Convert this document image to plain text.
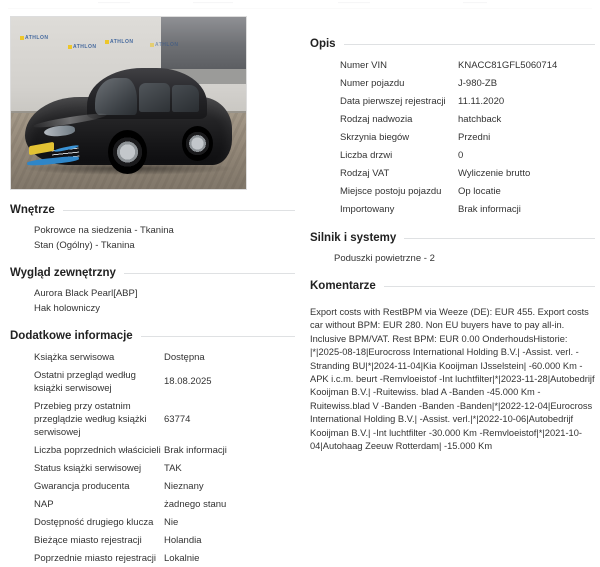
————	—————	————	———
ATHLON
ATHLON
ATHLON	ATHLON
Wnętrze
Pokrowce na siedzenia - Tkanina
Stan (Ogólny) - Tkanina
Wygląd zewnętrzny
Aurora Black Pearl[ABP]
Hak holowniczy
Dodatkowe informacje
Książka serwisowa	Dostępna
Ostatni przegląd według książki serwisowej	18.08.2025
Przebieg przy ostatnim przeglądzie według książki serwisowej	63774
Liczba poprzednich właścicieli	Brak informacji
Status książki serwisowej	TAK
Gwarancja producenta	Nieznany
NAP	żadnego stanu
Dostępność drugiego klucza	Nie
Bieżące miasto rejestracji	Holandia
Poprzednie miasto rejestracji	Lokalnie
Opis
Numer VIN	KNACC81GFL5060714
Numer pojazdu	J-980-ZB
Data pierwszej rejestracji	11.11.2020
Rodzaj nadwozia	hatchback
Skrzynia biegów	Przedni
Liczba drzwi	0
Rodzaj VAT	Wyliczenie brutto
Miejsce postoju pojazdu	Op locatie
Importowany	Brak informacji
Silnik i systemy
Poduszki powietrzne - 2
Komentarze
Export costs with RestBPM via Weeze (DE): EUR 455. Export costs car without BPM: EUR 280. Non EU buyers have to pay all-in. Inclusive BPM/VAT. Rest BPM: EUR 0.00 OnderhoudsHistorie: |*|2025-08-18|Eurocross International Holding B.V.| -Assist. verl. -Stranding BU|*|2024-11-04|Kia Kooijman IJsselstein| -60.000 Km -APK i.c.m. beurt -Remvloeistof -Int luchtfilter|*|2023-11-28|Autobedrijf Kooijman B.V.| -Ruitewiss. blad A -Banden -45.000 Km -Ruitewiss.blad V -Banden -Banden -Banden|*|2022-12-04|Eurocross International Holding B.V.| -Assist. verl.|*|2022-10-06|Autobedrijf Kooijman B.V.| -Int luchtfilter -30.000 Km -Remvloeistof|*|2021-10-04|Autohaag Zeeuw Rotterdam| -15.000 Km
